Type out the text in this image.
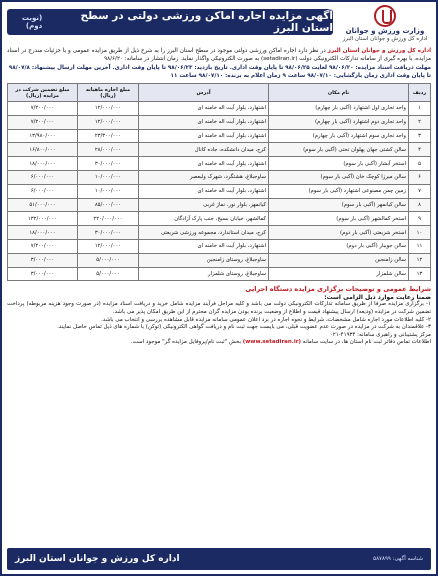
وزارت ورزش و جوانان
اداره کل ورزش و جوانان استان البرز
آگهی مزایده اجاره اماکن ورزشی دولتی در سطح استان البرز
(نوبت دوم)

اداره کل ورزش و جوانان استان البرز در نظر دارد اجاره اماکن ورزشی دولتی موجود در سطح استان البرز را به شرح ذیل از طریق مزایده عمومی و با جزئیات مندرج در اسناد مزایده، با بهره گیری از سامانه تدارکات الکترونیکی دولت (setadiran.ir) به صورت الکترونیکی واگذار نماید. زمان انتشار در سامانه: ۹۸/۶/۲۰

مهلت دریافت اسناد مزایده: ۹۸/۰۶/۲۰ لغایت ۹۸/۰۶/۲۵ تا پایان وقت اداری. تاریخ بازدید: ۹۸/۰۶/۲۳ تا پایان وقت اداری. آخرین مهلت ارسال پیشنهاد: ۹۸/۰۷/۸ تا پایان وقت اداری زمان بازگشایی: ۹۸/۰۷/۱۰ ساعت ۹ زمان اعلام به برنده: ۹۸/۰۷/۱۰ ساعت ۱۱

ردیف	نام مکان	آدرس	مبلغ اجاره ماهیانه (ریال)	مبلغ تضمین شرکت در مزایده (ریال)
۱	واحد تجاری اول اشتهارد (آکبی بار چهارم)	اشتهارد، بلوار آیت اله خامنه ای	۱۲/۰۰۰/۰۰۰	۷/۲۰۰/۰۰۰
۲	واحد تجاری دوم اشتهارد (آکبی بار چهارم)	اشتهارد، بلوار آیت اله خامنه ای	۱۲/۰۰۰/۰۰۰	۷/۲۰۰/۰۰۰
۳	واحد تجاری سوم اشتهارد (آکبی بار چهارم)	اشتهارد، بلوار آیت اله خامنه ای	۲۳/۳۰۰/۰۰۰	۱۳/۹۸۰/۰۰۰
۴	سالن کشتی جهان پهلوان تختی (آکبی بار سوم)	کرج، میدان دانشکده، جاده کانال	۲۸/۰۰۰/۰۰۰	۱۶/۸۰۰/۰۰۰
۵	استخر آبشار (آکبی بار سوم)	اشتهارد، بلوار آیت اله خامنه ای	۳۰/۰۰۰/۰۰۰	۱۸/۰۰۰/۰۰۰
۶	سالن میرزا کوچک خان (آکبی بار سوم)	ساوجبلاغ، هشتگرد، شهرک ولیعصر	۱۰/۰۰۰/۰۰۰	۶/۰۰۰/۰۰۰
۷	زمین چمن مصنوعی اشتهارد (آکبی بار سوم)	اشتهارد، بلوار آیت اله خامنه ای	۱۰/۰۰۰/۰۰۰	۶/۰۰۰/۰۰۰
۸	سالن کیانمهر (آکبی بار سوم)	کیانمهر، بلوار نور، نماز غربی	۸۵/۰۰۰/۰۰۰	۵۱/۰۰۰/۰۰۰
۹	استخر کمالشهر (آکبی بار سوم)	کمالشهر، خیابان بسیج، جنب پارک آزادگان	۲۲۰/۰۰۰/۰۰۰	۱۳۲/۰۰۰/۰۰۰
۱۰	استخر شریعتی (آکبی بار دوم)	کرج، میدان استاندارد، مجموعه ورزشی شریعتی	۳۰/۰۰۰/۰۰۰	۱۸/۰۰۰/۰۰۰
۱۱	سالن جویبار (آکبی بار دوم)	اشتهارد، بلوار آیت اله خامنه ای	۱۲/۰۰۰/۰۰۰	۷/۲۰۰/۰۰۰
۱۲	سالن زامنجین	ساوجبلاغ، روستای زامنجین	۵/۰۰۰/۰۰۰	۳/۰۰۰/۰۰۰
۱۳	سالن شلمزار	ساوجبلاغ، روستای شلمزار	۵/۰۰۰/۰۰۰	۳/۰۰۰/۰۰۰
شرایط عمومی و توضیحات برگزاری مزایده دستگاه اجرایی
ضمنا رعایت موارد ذیل الزامی است:

۱- برگزاری مزایده صرفا از طریق سامانه تدارکات الکترونیکی دولت می باشد و کلیه مراحل فرآیند مزایده شامل خرید و دریافت اسناد مزایده (در صورت وجود هزینه مربوطه) پرداخت تضمین شرکت در مزایده (ودیعه) ارسال پیشنهاد قیمت و اطلاع از وضعیت برنده بودن مزایده گران محترم از این طریق امکان پذیر می باشد.

۲- کلیه اطلاعات مورد اجاره شامل مشخصات، شرایط و نحوه اجاره در برد اعلان عمومی سامانه مزایده قابل مشاهده بررسی و انتخاب می باشد.

۳- علاقمندان به شرکت در مزایده در صورت عدم عضویت قبلی، می بایست جهت ثبت نام و دریافت گواهی الکترونیکی (توکن) با شماره های ذیل تماس حاصل نمایند.

مرکز پشتیبانی و راهبری سامانه: ۴۱۹۳۴-۰۲۱

اطلاعات تماس دفاتر ثبت نام استان ها، در سایت سامانه (www.setadiran.ir) بخش "ثبت نام/پروفایل مزایده گر" موجود است.

شناسه آگهی: ۵۸۷۸۹۹
اداره کل ورزش و جوانان استان البرز
